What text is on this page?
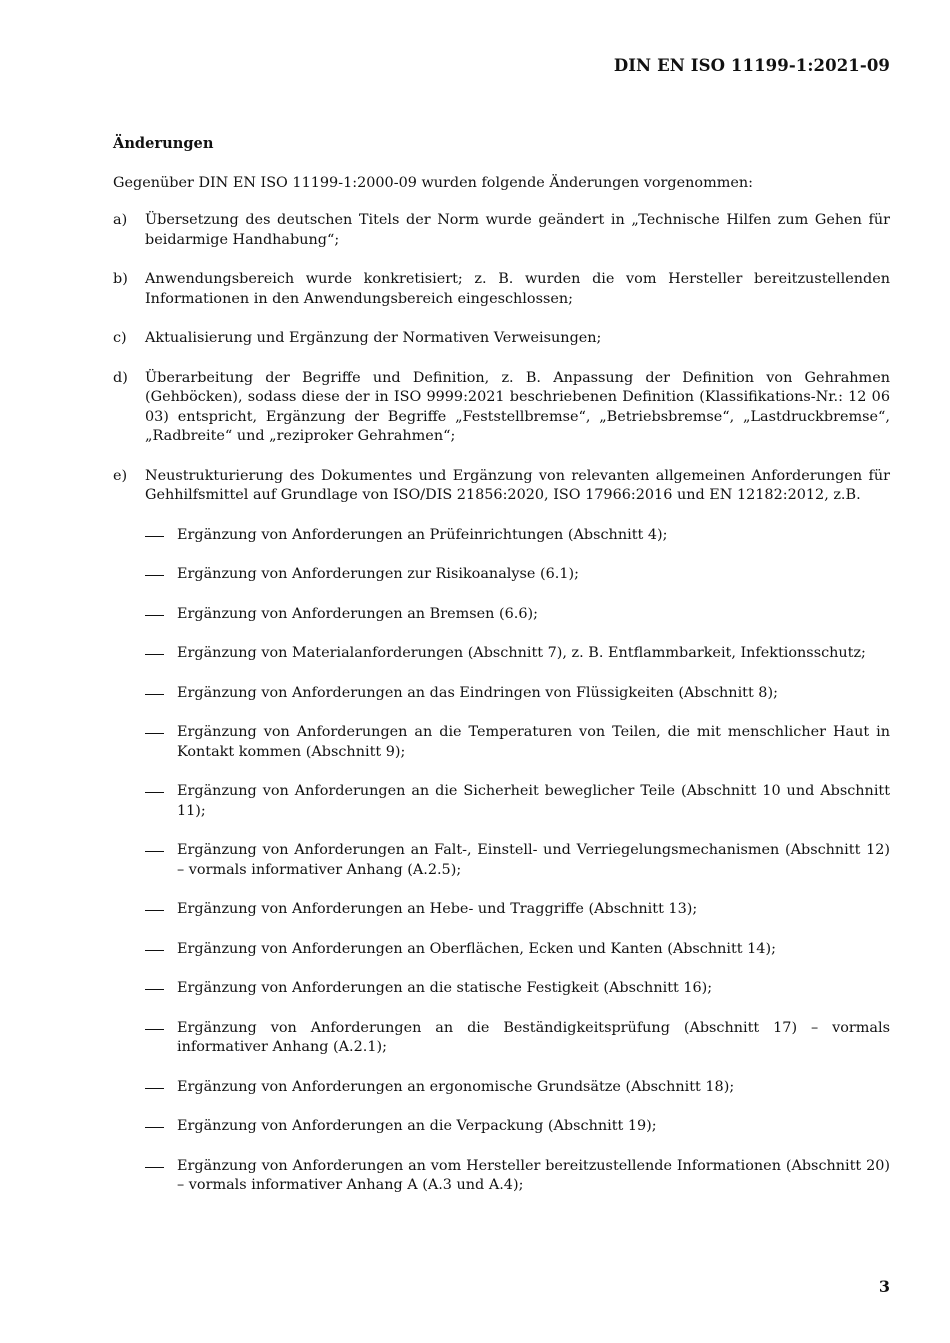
DIN EN ISO 11199-1:2021-09
Änderungen
Gegenüber DIN EN ISO 11199-1:2000-09 wurden folgende Änderungen vorgenommen:
a)	Übersetzung des deutschen Titels der Norm wurde geändert in „Technische Hilfen zum Gehen für beidarmige Handhabung“;
b)	Anwendungsbereich wurde konkretisiert; z. B. wurden die vom Hersteller bereitzustellenden Informationen in den Anwendungsbereich eingeschlossen;
c)	Aktualisierung und Ergänzung der Normativen Verweisungen;
d)	Überarbeitung der Begriffe und Definition, z. B. Anpassung der Definition von Gehrahmen (Gehböcken), sodass diese der in ISO 9999:2021 beschriebenen Definition (Klassifikations-Nr.: 12 06 03) entspricht, Ergänzung der Begriffe „Feststellbremse“, „Betriebsbremse“, „Lastdruckbremse“, „Radbreite“ und „reziproker Gehrahmen“;
e)	Neustrukturierung des Dokumentes und Ergänzung von relevanten allgemeinen Anforderungen für Gehhilfsmittel auf Grundlage von ISO/DIS 21856:2020, ISO 17966:2016 und EN 12182:2012, z.B.
Ergänzung von Anforderungen an Prüfeinrichtungen (Abschnitt 4);
Ergänzung von Anforderungen zur Risikoanalyse (6.1);
Ergänzung von Anforderungen an Bremsen (6.6);
Ergänzung von Materialanforderungen (Abschnitt 7), z. B. Entflammbarkeit, Infektionsschutz;
Ergänzung von Anforderungen an das Eindringen von Flüssigkeiten (Abschnitt 8);
Ergänzung von Anforderungen an die Temperaturen von Teilen, die mit menschlicher Haut in Kontakt kommen (Abschnitt 9);
Ergänzung von Anforderungen an die Sicherheit beweglicher Teile (Abschnitt 10 und Abschnitt 11);
Ergänzung von Anforderungen an Falt-, Einstell- und Verriegelungsmechanismen (Abschnitt 12) – vormals informativer Anhang (A.2.5);
Ergänzung von Anforderungen an Hebe- und Traggriffe (Abschnitt 13);
Ergänzung von Anforderungen an Oberflächen, Ecken und Kanten (Abschnitt 14);
Ergänzung von Anforderungen an die statische Festigkeit (Abschnitt 16);
Ergänzung von Anforderungen an die Beständigkeitsprüfung (Abschnitt 17) – vormals informativer Anhang (A.2.1);
Ergänzung von Anforderungen an ergonomische Grundsätze (Abschnitt 18);
Ergänzung von Anforderungen an die Verpackung (Abschnitt 19);
Ergänzung von Anforderungen an vom Hersteller bereitzustellende Informationen (Abschnitt 20) – vormals informativer Anhang A (A.3 und A.4);
3
